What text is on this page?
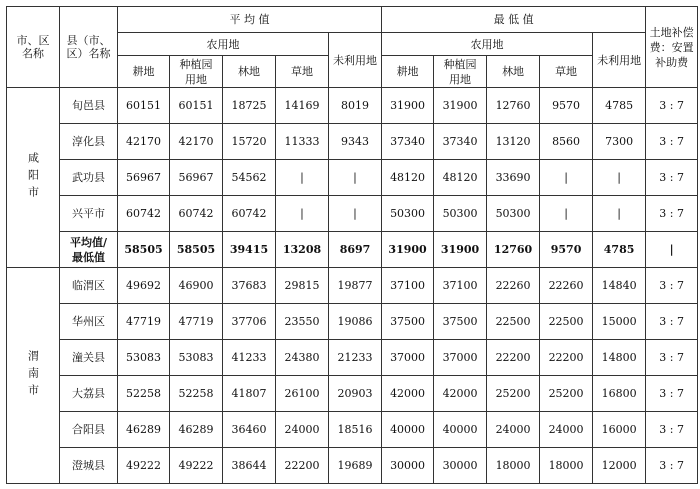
市、区名称	县（市、区）名称	平 均 值					最 低 值					土地补偿费：安置补助费

		农用地				未利用地	农用地				未利用地	
		耕地	种植园用地	林地	草地		耕地	种植园用地	林地	草地		

咸阳市	旬邑县	60151	60151	18725	14169	8019	31900	31900	12760	9570	4785	3 : 7
	淳化县	42170	42170	15720	11333	9343	37340	37340	13120	8560	7300	3 : 7
	武功县	56967	56967	54562	|	|	48120	48120	33690	|	|	3 : 7
	兴平市	60742	60742	60742	|	|	50300	50300	50300	|	|	3 : 7

	平均值/最低值	58505	58505	39415	13208	8697	31900	31900	12760	9570	4785	|

渭南市	临渭区	49692	46900	37683	29815	19877	37100	37100	22260	22260	14840	3 : 7
	华州区	47719	47719	37706	23550	19086	37500	37500	22500	22500	15000	3 : 7
	潼关县	53083	53083	41233	24380	21233	37000	37000	22200	22200	14800	3 : 7
	大荔县	52258	52258	41807	26100	20903	42000	42000	25200	25200	16800	3 : 7
	合阳县	46289	46289	36460	24000	18516	40000	40000	24000	24000	16000	3 : 7
	澄城县	49222	49222	38644	22200	19689	30000	30000	18000	18000	12000	3 : 7
